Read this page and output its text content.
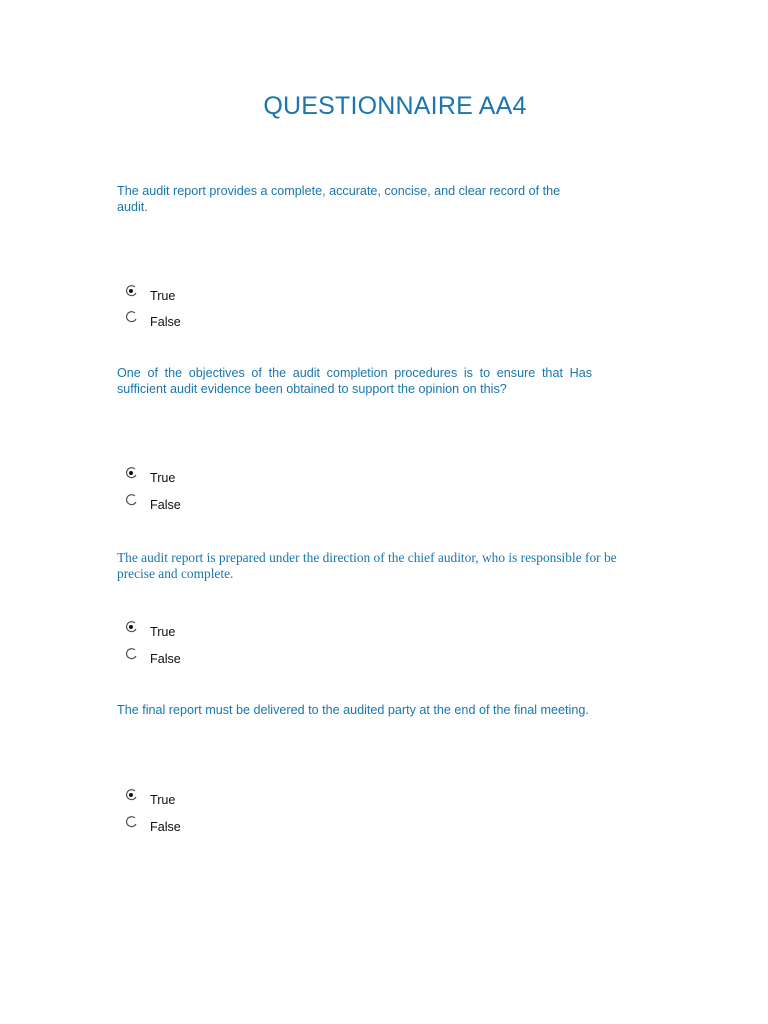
QUESTIONNAIRE AA4

The audit report provides a complete, accurate, concise, and clear record of the audit.

True
False

One of the objectives of the audit completion procedures is to ensure that Has sufficient audit evidence been obtained to support the opinion on this?

True
False

The audit report is prepared under the direction of the chief auditor, who is responsible for be precise and complete.

True
False

The final report must be delivered to the audited party at the end of the final meeting.

True
False
